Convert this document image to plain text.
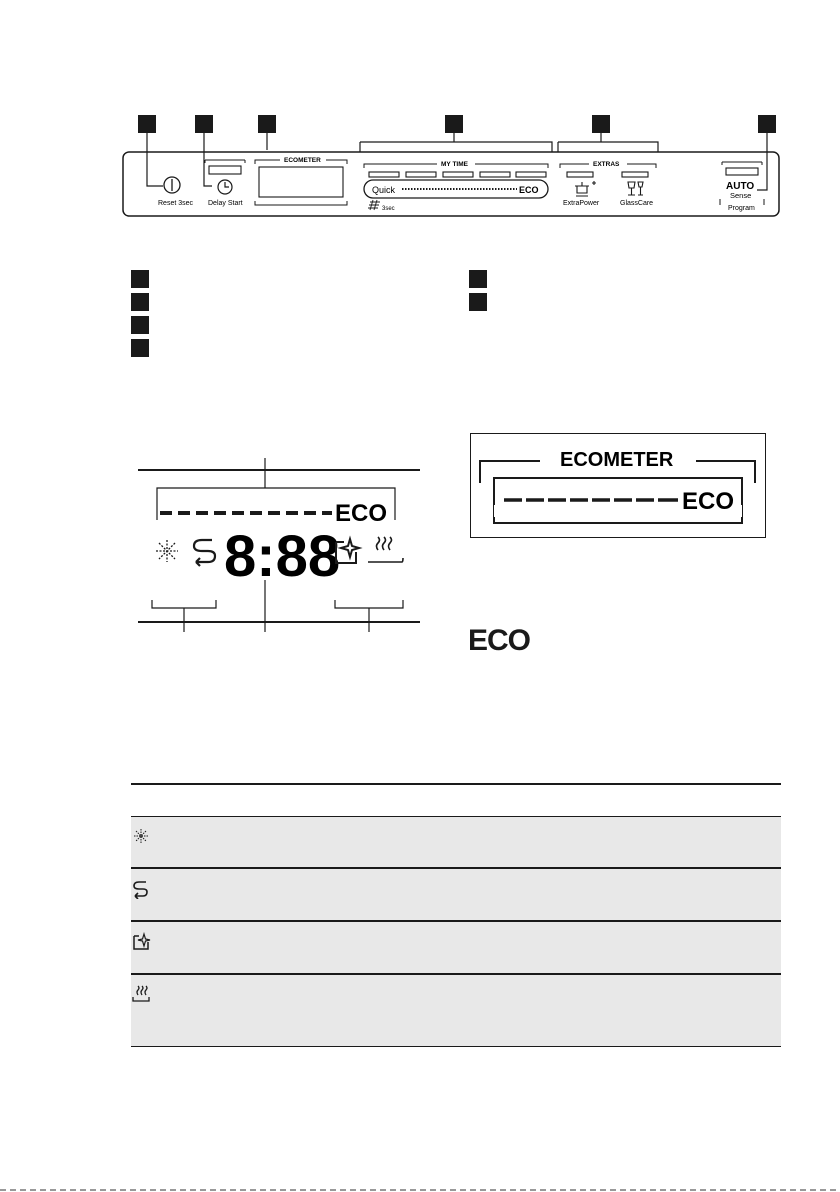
Reset 3sec Delay Start
ECOMETER
MY TIME
Quick	ECO
3sec
EXTRAS
ExtraPower	GlassCare
AUTO
Sense
Program
ECO
8:88
ECOMETER
ECO
ECO
